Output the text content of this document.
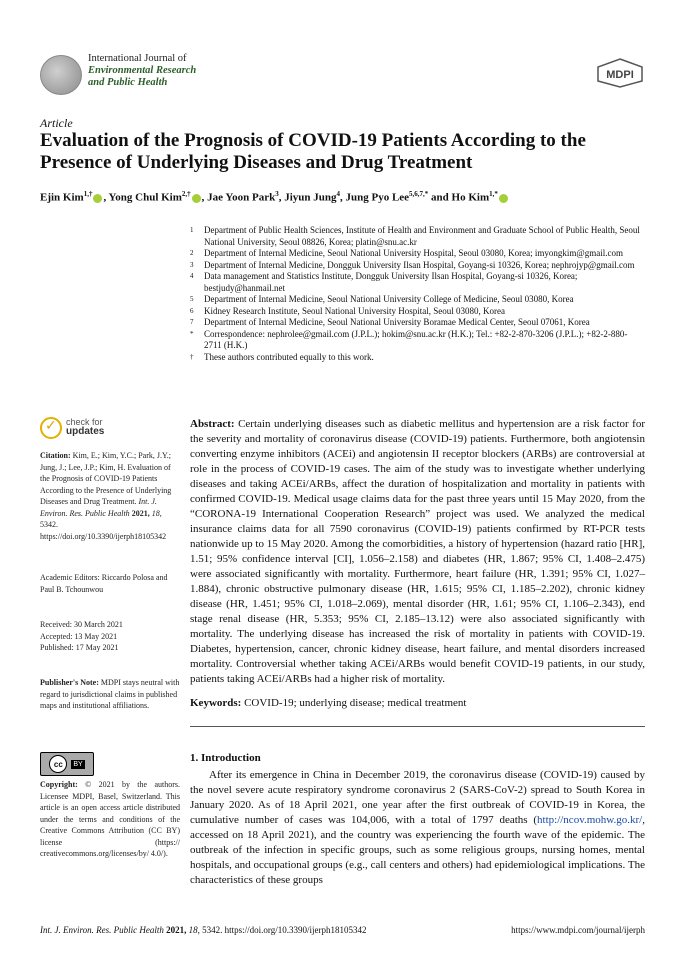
International Journal of
Environmental Research
and Public Health
MDPI
Article
Evaluation of the Prognosis of COVID-19 Patients According to the Presence of Underlying Diseases and Drug Treatment
Ejin Kim$^{1,\dagger}$ , Yong Chul Kim$^{2,\dagger}$ , Jae Yoon Park$^3$, Jiyun Jung$^4$, Jung Pyo Lee$^{5,6,7,*}$ and Ho Kim$^{1,*}$
1	Department of Public Health Sciences, Institute of Health and Environment and Graduate School of Public Health, Seoul National University, Seoul 08826, Korea; platin@snu.ac.kr
2	Department of Internal Medicine, Seoul National University Hospital, Seoul 03080, Korea; imyongkim@gmail.com
3	Department of Internal Medicine, Dongguk University Ilsan Hospital, Goyang-si 10326, Korea; nephrojyp@gmail.com
4	Data management and Statistics Institute, Dongguk University Ilsan Hospital, Goyang-si 10326, Korea; bestjudy@hanmail.net
5	Department of Internal Medicine, Seoul National University College of Medicine, Seoul 03080, Korea
6	Kidney Research Institute, Seoul National University Hospital, Seoul 03080, Korea
7	Department of Internal Medicine, Seoul National University Boramae Medical Center, Seoul 07061, Korea
*	Correspondence: nephrolee@gmail.com (J.P.L.); hokim@snu.ac.kr (H.K.); Tel.: +82-2-870-3206 (J.P.L.); +82-2-880-2711 (H.K.)
†	These authors contributed equally to this work.
✓ check for
updates
Citation: Kim, E.; Kim, Y.C.; Park, J.Y.; Jung, J.; Lee, J.P.; Kim, H. Evaluation of the Prognosis of COVID-19 Patients According to the Presence of Underlying Diseases and Drug Treatment. Int. J. Environ. Res. Public Health 2021, 18, 5342. https://doi.org/10.3390/ijerph18105342
Academic Editors: Riccardo Polosa and Paul B. Tchounwou
Received: 30 March 2021
Accepted: 13 May 2021
Published: 17 May 2021
Publisher's Note: MDPI stays neutral with regard to jurisdictional claims in published maps and institutional affiliations.
cc	BY
Copyright: © 2021 by the authors. Licensee MDPI, Basel, Switzerland. This article is an open access article distributed under the terms and conditions of the Creative Commons Attribution (CC BY) license (https:// creativecommons.org/licenses/by/ 4.0/).
Abstract: Certain underlying diseases such as diabetic mellitus and hypertension are a risk factor for the severity and mortality of coronavirus disease (COVID-19) patients. Furthermore, both angiotensin converting enzyme inhibitors (ACEi) and angiotensin II receptor blockers (ARBs) are controversial at role in the process of COVID-19 cases. The aim of the study was to investigate whether underlying diseases and taking ACEi/ARBs, affect the duration of hospitalization and mortality in patients with confirmed COVID-19. Medical usage claims data for the past three years until 15 May 2020, from the “CORONA-19 International Cooperation Research” project was used. We analyzed the medical insurance claims data for all 7590 coronavirus (COVID-19) patients confirmed by RT-PCR tests nationwide up to 15 May 2020. Among the comorbidities, a history of hypertension (hazard ratio [HR], 1.51; 95% confidence interval [CI], 1.056–2.158) and diabetes (HR, 1.867; 95% CI, 1.408–2.475) were associated significantly with mortality. Furthermore, heart failure (HR, 1.391; 95% CI, 1.027–1.884), chronic obstructive pulmonary disease (HR, 1.615; 95% CI, 1.185–2.202), chronic kidney disease (HR, 1.451; 95% CI, 1.018–2.069), mental disorder (HR, 1.61; 95% CI, 1.106–2.343), end stage renal disease (HR, 5.353; 95% CI, 2.185–13.12) were also associated significantly with mortality. The underlying disease has increased the risk of mortality in patients with COVID-19. Diabetes, hypertension, cancer, chronic kidney disease, heart failure, and mental disorders increased mortality. Controversial whether taking ACEi/ARBs would benefit COVID-19 patients, in our study, patients taking ACEi/ARBs had a higher risk of mortality.
Keywords: COVID-19; underlying disease; medical treatment
1. Introduction
After its emergence in China in December 2019, the coronavirus disease (COVID-19) caused by the novel severe acute respiratory syndrome coronavirus 2 (SARS-CoV-2) spread to South Korea in January 2020. As of 18 April 2021, one year after the first outbreak of COVID-19 in Korea, the cumulative number of cases was 104,006, with a total of 1797 deaths (http://ncov.mohw.go.kr/, accessed on 18 April 2021), and the country was experiencing the fourth wave of the epidemic. The outbreak of the infection in specific groups, such as some religious groups, nursing homes, mental hospitals, and occupational groups (e.g., call centers and others) had epidemiological implications. The characteristics of these groups
Int. J. Environ. Res. Public Health 2021, 18, 5342. https://doi.org/10.3390/ijerph18105342	https://www.mdpi.com/journal/ijerph
